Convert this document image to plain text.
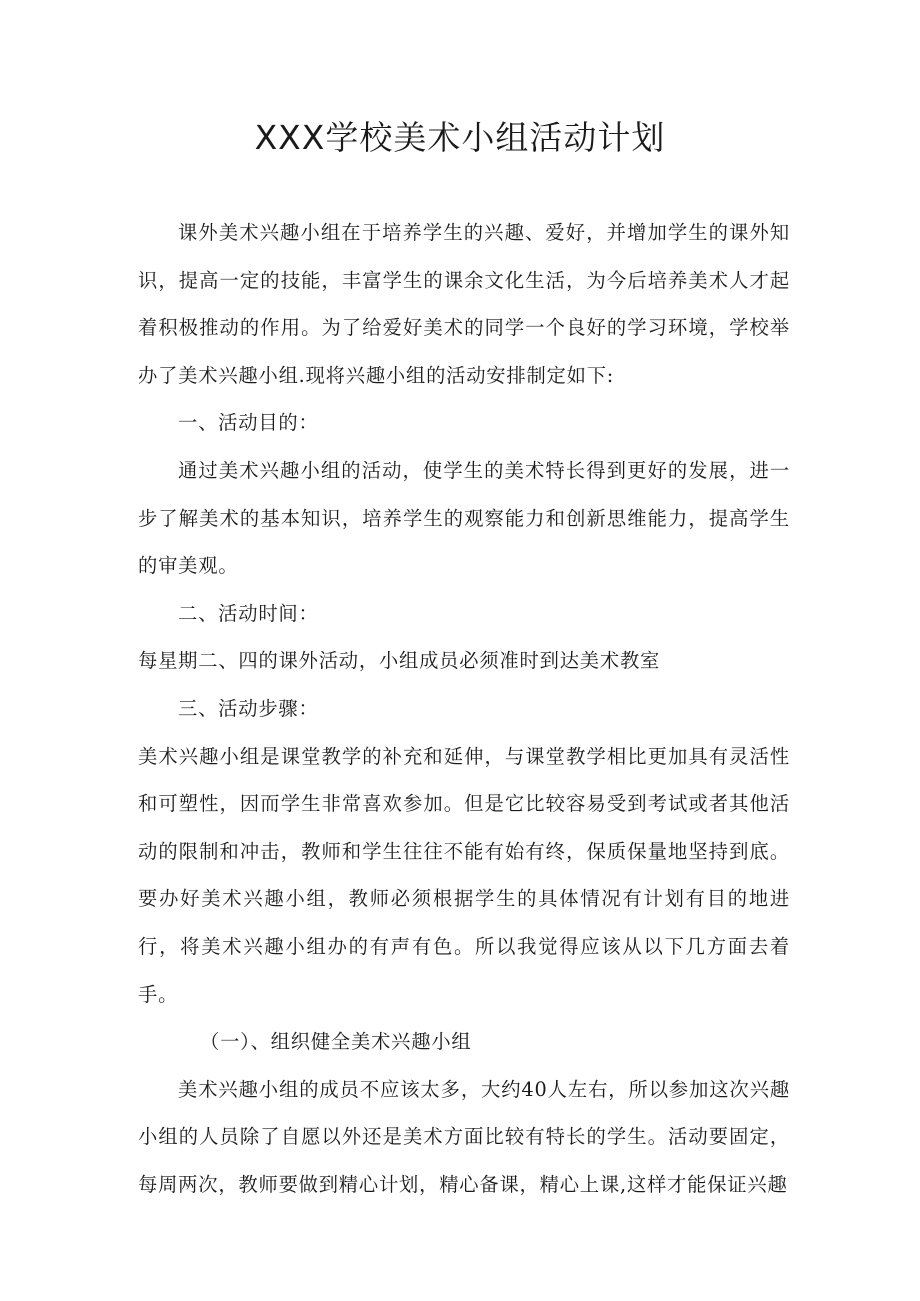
XXX学校美术小组活动计划

课外美术兴趣小组在于培养学生的兴趣、爱好，并增加学生的课外知识，提高一定的技能，丰富学生的课余文化生活，为今后培养美术人才起着积极推动的作用。为了给爱好美术的同学一个良好的学习环境，学校举办了美术兴趣小组.现将兴趣小组的活动安排制定如下:

一、活动目的：

通过美术兴趣小组的活动，使学生的美术特长得到更好的发展，进一步了解美术的基本知识，培养学生的观察能力和创新思维能力，提高学生的审美观。

二、活动时间：

每星期二、四的课外活动，小组成员必须准时到达美术教室

三、活动步骤：

美术兴趣小组是课堂教学的补充和延伸，与课堂教学相比更加具有灵活性和可塑性，因而学生非常喜欢参加。但是它比较容易受到考试或者其他活动的限制和冲击，教师和学生往往不能有始有终，保质保量地坚持到底。要办好美术兴趣小组，教师必须根据学生的具体情况有计划有目的地进行，将美术兴趣小组办的有声有色。所以我觉得应该从以下几方面去着手。

（一）、组织健全美术兴趣小组

美术兴趣小组的成员不应该太多，大约40人左右，所以参加这次兴趣小组的人员除了自愿以外还是美术方面比较有特长的学生。活动要固定，每周两次，教师要做到精心计划，精心备课，精心上课,这样才能保证兴趣
